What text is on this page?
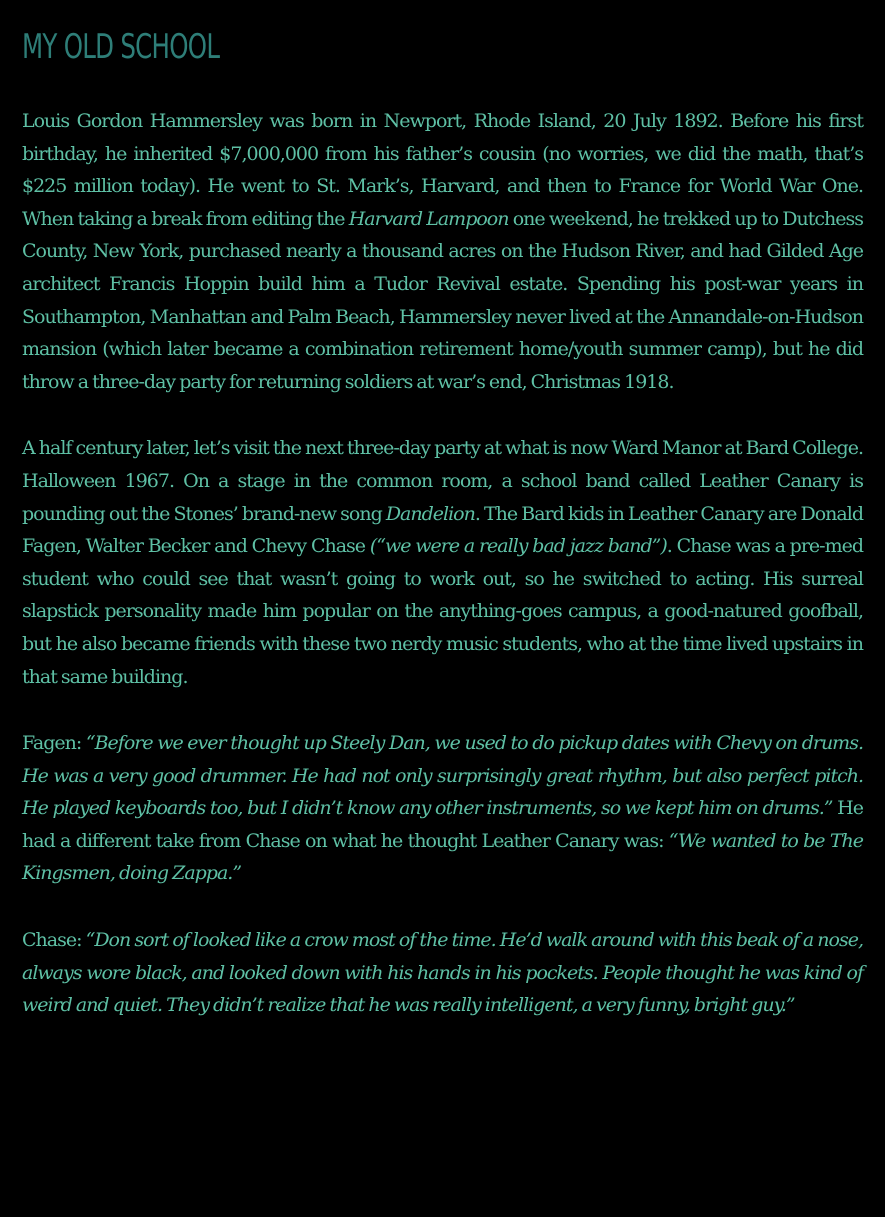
MY OLD SCHOOL

Louis Gordon Hammersley was born in Newport, Rhode Island, 20 July 1892. Before his first birthday, he inherited $7,000,000 from his father’s cousin (no worries, we did the math, that’s $225 million today). He went to St. Mark’s, Harvard, and then to France for World War One. When taking a break from editing the Harvard Lampoon one weekend, he trekked up to Dutchess County, New York, purchased nearly a thousand acres on the Hudson River, and had Gilded Age architect Francis Hoppin build him a Tudor Revival estate. Spending his post-war years in Southampton, Manhattan and Palm Beach, Hammersley never lived at the Annandale-on-Hudson mansion (which later became a combination retirement home/youth summer camp), but he did throw a three-day party for returning soldiers at war’s end, Christmas 1918.

A half century later, let’s visit the next three-day party at what is now Ward Manor at Bard College. Halloween 1967. On a stage in the common room, a school band called Leather Canary is pounding out the Stones’ brand-new song Dandelion. The Bard kids in Leather Canary are Donald Fagen, Walter Becker and Chevy Chase (“we were a really bad jazz band”). Chase was a pre-med student who could see that wasn’t going to work out, so he switched to acting. His surreal slapstick personality made him popular on the anything-goes campus, a good-natured goofball, but he also became friends with these two nerdy music students, who at the time lived upstairs in that same building.

Fagen: “Before we ever thought up Steely Dan, we used to do pickup dates with Chevy on drums. He was a very good drummer. He had not only surprisingly great rhythm, but also perfect pitch. He played keyboards too, but I didn’t know any other instruments, so we kept him on drums.” He had a different take from Chase on what he thought Leather Canary was: “We wanted to be The Kingsmen, doing Zappa.”

Chase: “Don sort of looked like a crow most of the time. He’d walk around with this beak of a nose, always wore black, and looked down with his hands in his pockets. People thought he was kind of weird and quiet. They didn’t realize that he was really intelligent, a very funny, bright guy.”
